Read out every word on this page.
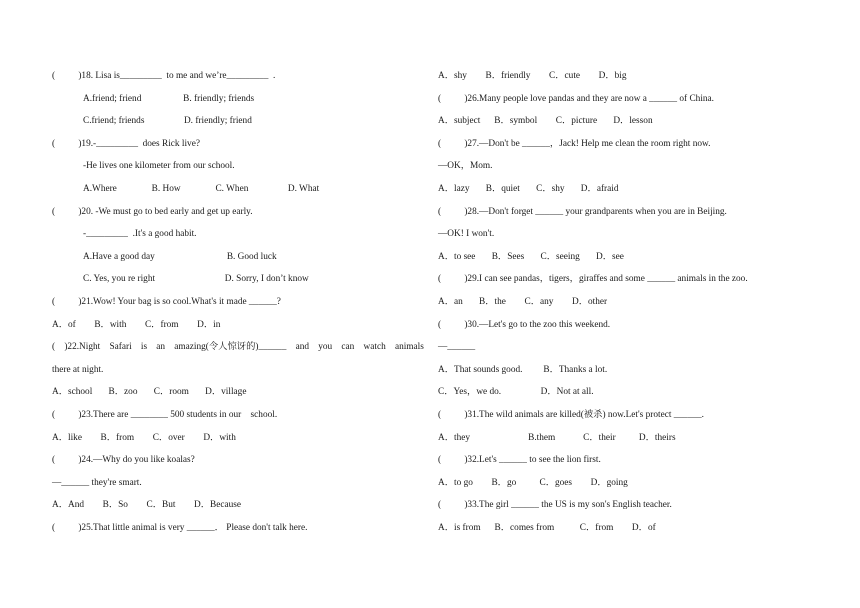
(          )18. Lisa is_________  to me and we’re_________  .
A.friend; friend                  B. friendly; friends
C.friend; friends                 D. friendly; friend
(          )19.-_________  does Rick live?
-He lives one kilometer from our school.
A.Where               B. How               C. When                 D. What
(          )20. -We must go to bed early and get up early.
-_________  .It's a good habit.
A.Have a good day                               B. Good luck
C. Yes, you re right                              D. Sorry, I don’t know
(          )21.Wow! Your bag is so cool.What's it made ______?
A．of        B．with        C．from        D．in
( )22.Night Safari is an amazing(令人惊讶的)______ and you can watch animals
there at night.
A．school       B．zoo       C．room       D．village
(          )23.There are ________ 500 students in our    school.
A．like        B．from        C．over        D．with
(          )24.—Why do you like koalas?
—______ they're smart.
A．And        B．So        C．But        D．Because
(          )25.That little animal is very ______． Please don't talk here.
A．shy        B．friendly        C．cute        D．big
(          )26.Many people love pandas and they are now a ______ of China.
A．subject      B．symbol        C．picture       D．lesson
(          )27.—Don't be ______，Jack! Help me clean the room right now.
—OK，Mom.
A．lazy       B．quiet       C．shy       D．afraid
(          )28.—Don't forget ______ your grandparents when you are in Beijing.
—OK! I won't.
A．to see       B．Sees       C．seeing       D．see
(          )29.I can see pandas，tigers，giraffes and some ______ animals in the zoo.
A．an       B．the        C．any        D．other
(          )30.—Let's go to the zoo this weekend.
—______
A．That sounds good.         B．Thanks a lot.
C．Yes，we do.                 D．Not at all.
(          )31.The wild animals are killed(被杀) now.Let's protect ______.
A．they                         B.them            C．their          D．theirs
(          )32.Let's ______ to see the lion first.
A．to go        B．go          C．goes        D．going
(          )33.The girl ______ the US is my son's English teacher.
A．is from      B．comes from           C．from        D．of
